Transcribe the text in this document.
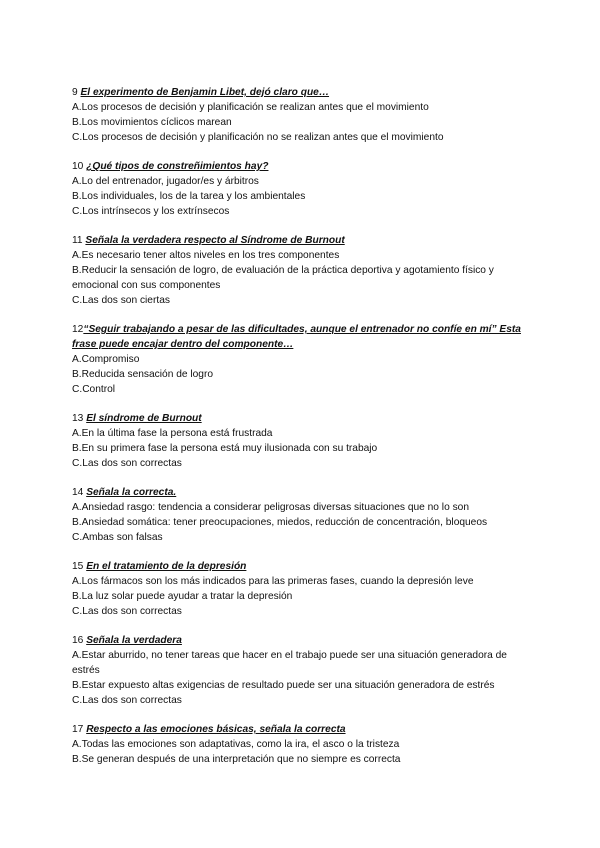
9 El experimento de Benjamin Libet, dejó claro que…
A.Los procesos de decisión y planificación se realizan antes que el movimiento
B.Los movimientos cíclicos marean
C.Los procesos de decisión y planificación no se realizan antes que el movimiento
10 ¿Qué tipos de constreñimientos hay?
A.Lo del entrenador, jugador/es y árbitros
B.Los individuales, los de la tarea y los ambientales
C.Los intrínsecos y los extrínsecos
11 Señala la verdadera respecto al Síndrome de Burnout
A.Es necesario tener altos niveles en los tres componentes
B.Reducir la sensación de logro, de evaluación de la práctica deportiva y agotamiento físico y emocional con sus componentes
C.Las dos son ciertas
12“Seguir trabajando a pesar de las dificultades, aunque el entrenador no confíe en mí” Esta frase puede encajar dentro del componente…
A.Compromiso
B.Reducida sensación de logro
C.Control
13 El síndrome de Burnout
A.En la última fase la persona está frustrada
B.En su primera fase la persona está muy ilusionada con su trabajo
C.Las dos son correctas
14 Señala la correcta.
A.Ansiedad rasgo: tendencia a considerar peligrosas diversas situaciones que no lo son
B.Ansiedad somática: tener preocupaciones, miedos, reducción de concentración, bloqueos
C.Ambas son falsas
15 En el tratamiento de la depresión
A.Los fármacos son los más indicados para las primeras fases, cuando la depresión leve
B.La luz solar puede ayudar a tratar la depresión
C.Las dos son correctas
16 Señala la verdadera
A.Estar aburrido, no tener tareas que hacer en el trabajo puede ser una situación generadora de estrés
B.Estar expuesto altas exigencias de resultado puede ser una situación generadora de estrés
C.Las dos son correctas
17 Respecto a las emociones básicas, señala la correcta
A.Todas las emociones son adaptativas, como la ira, el asco o la tristeza
B.Se generan después de una interpretación que no siempre es correcta
